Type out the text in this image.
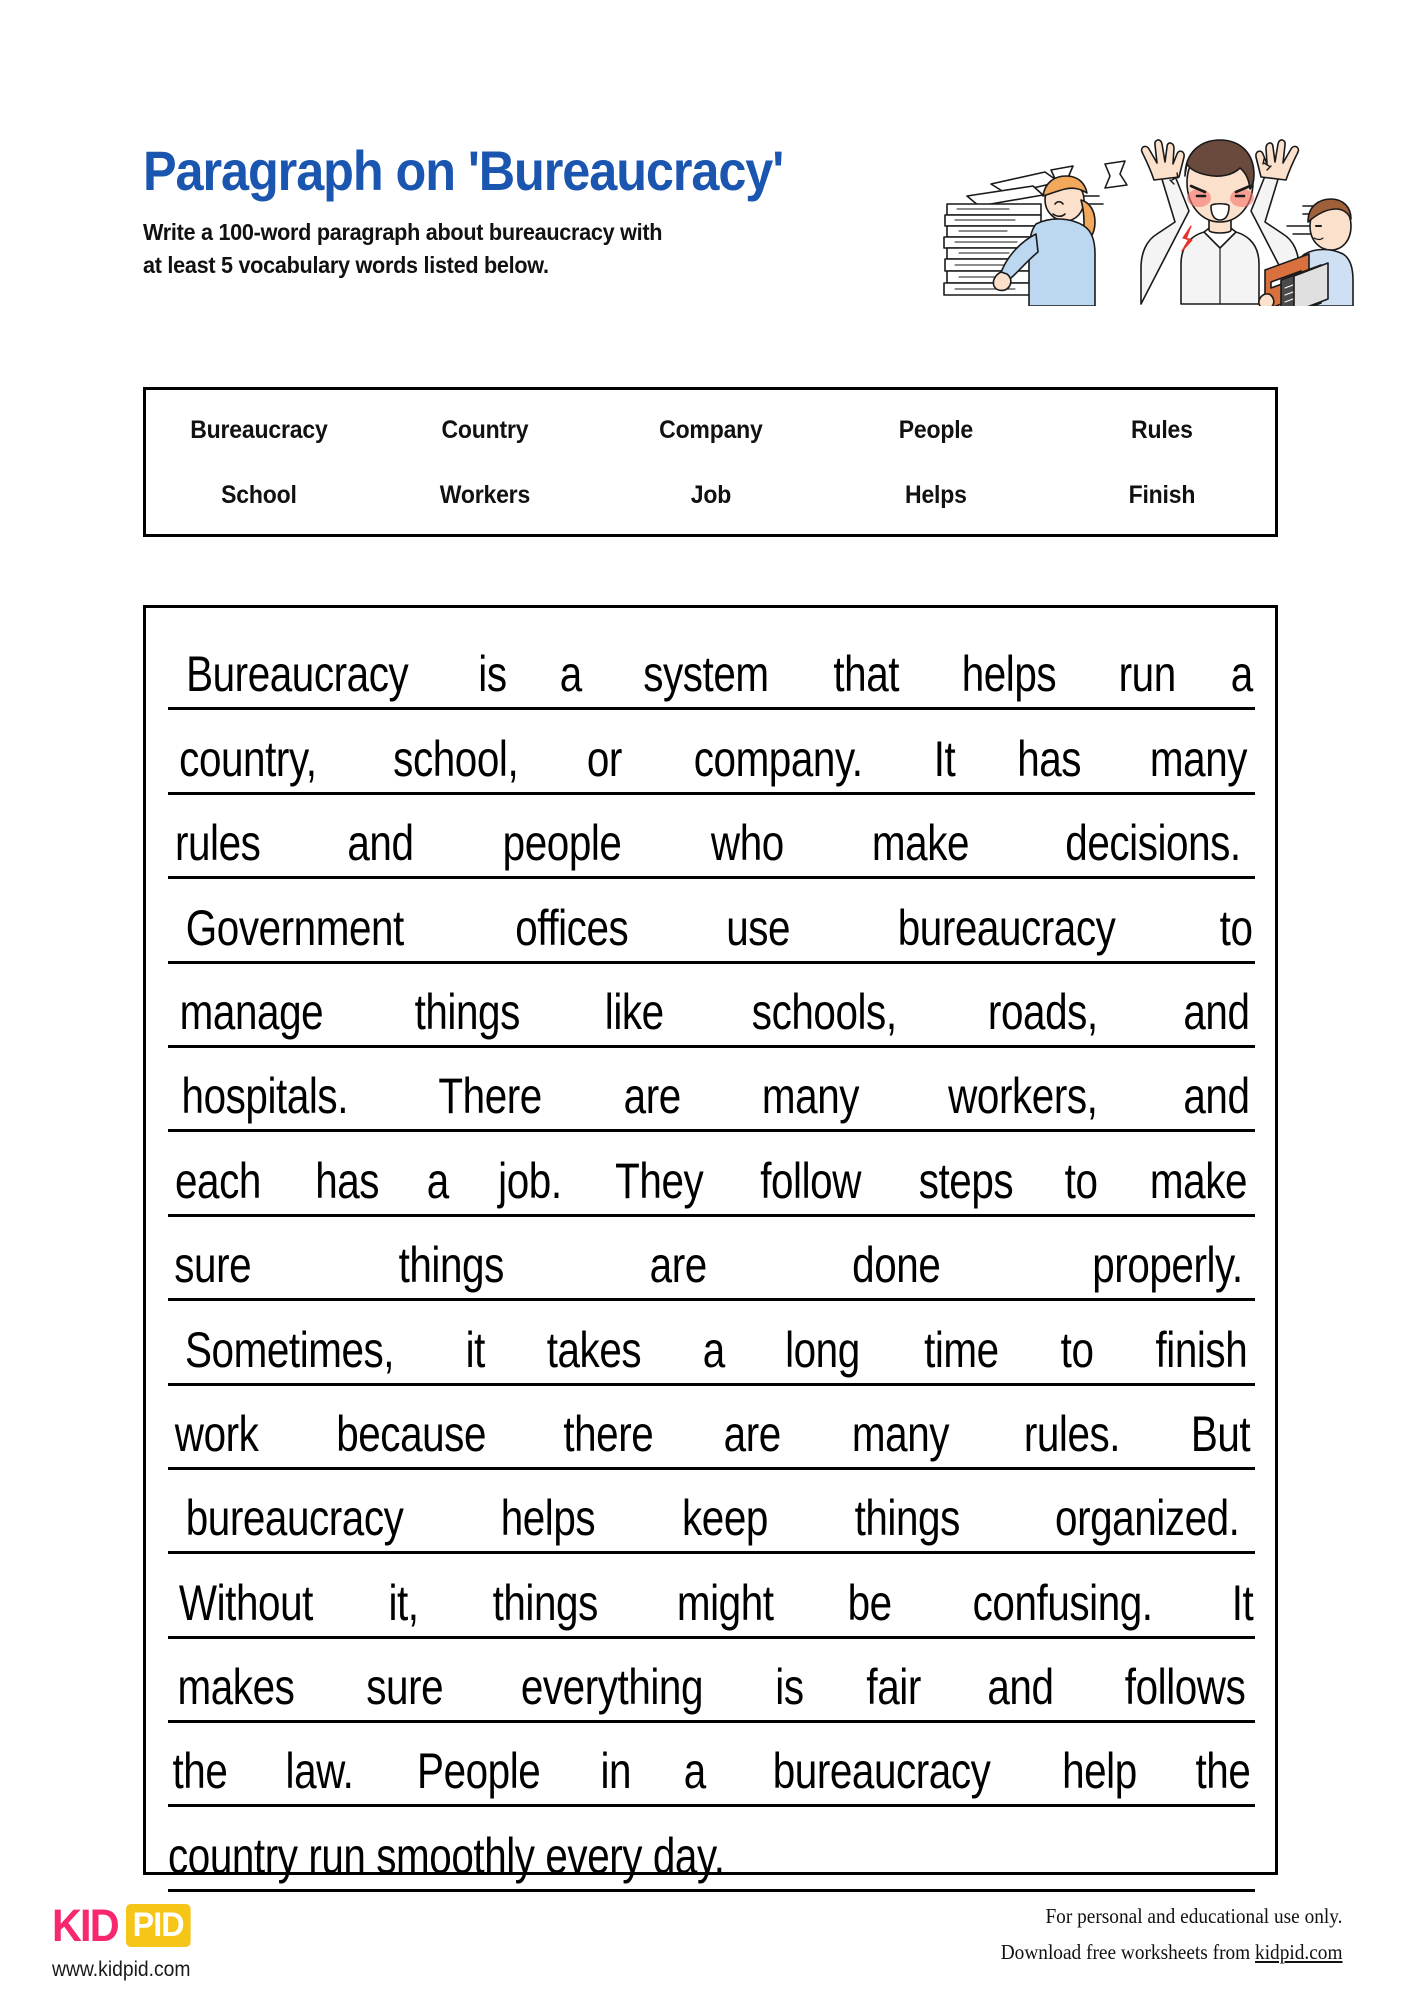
Paragraph on 'Bureaucracy'
Write a 100-word paragraph about bureaucracy with
at least 5 vocabulary words listed below.
Bureaucracy	Country	Company	People	Rules
School	Workers	Job	Helps	Finish
Bureaucracy is a system that helps run a
country, school, or company. It has many
rules and people who make decisions.
Government offices use bureaucracy to
manage things like schools, roads, and
hospitals. There are many workers, and
each has a job. They follow steps to make
sure	things	are	done	properly.
Sometimes, it takes a long time to finish
work because there are many rules. But
bureaucracy helps keep things organized.
Without it, things might be confusing. It
makes sure everything is fair and follows
the law. People in a bureaucracy help the
country run smoothly every day.
KID PID
www.kidpid.com
For personal and educational use only.
Download free worksheets from kidpid.com
